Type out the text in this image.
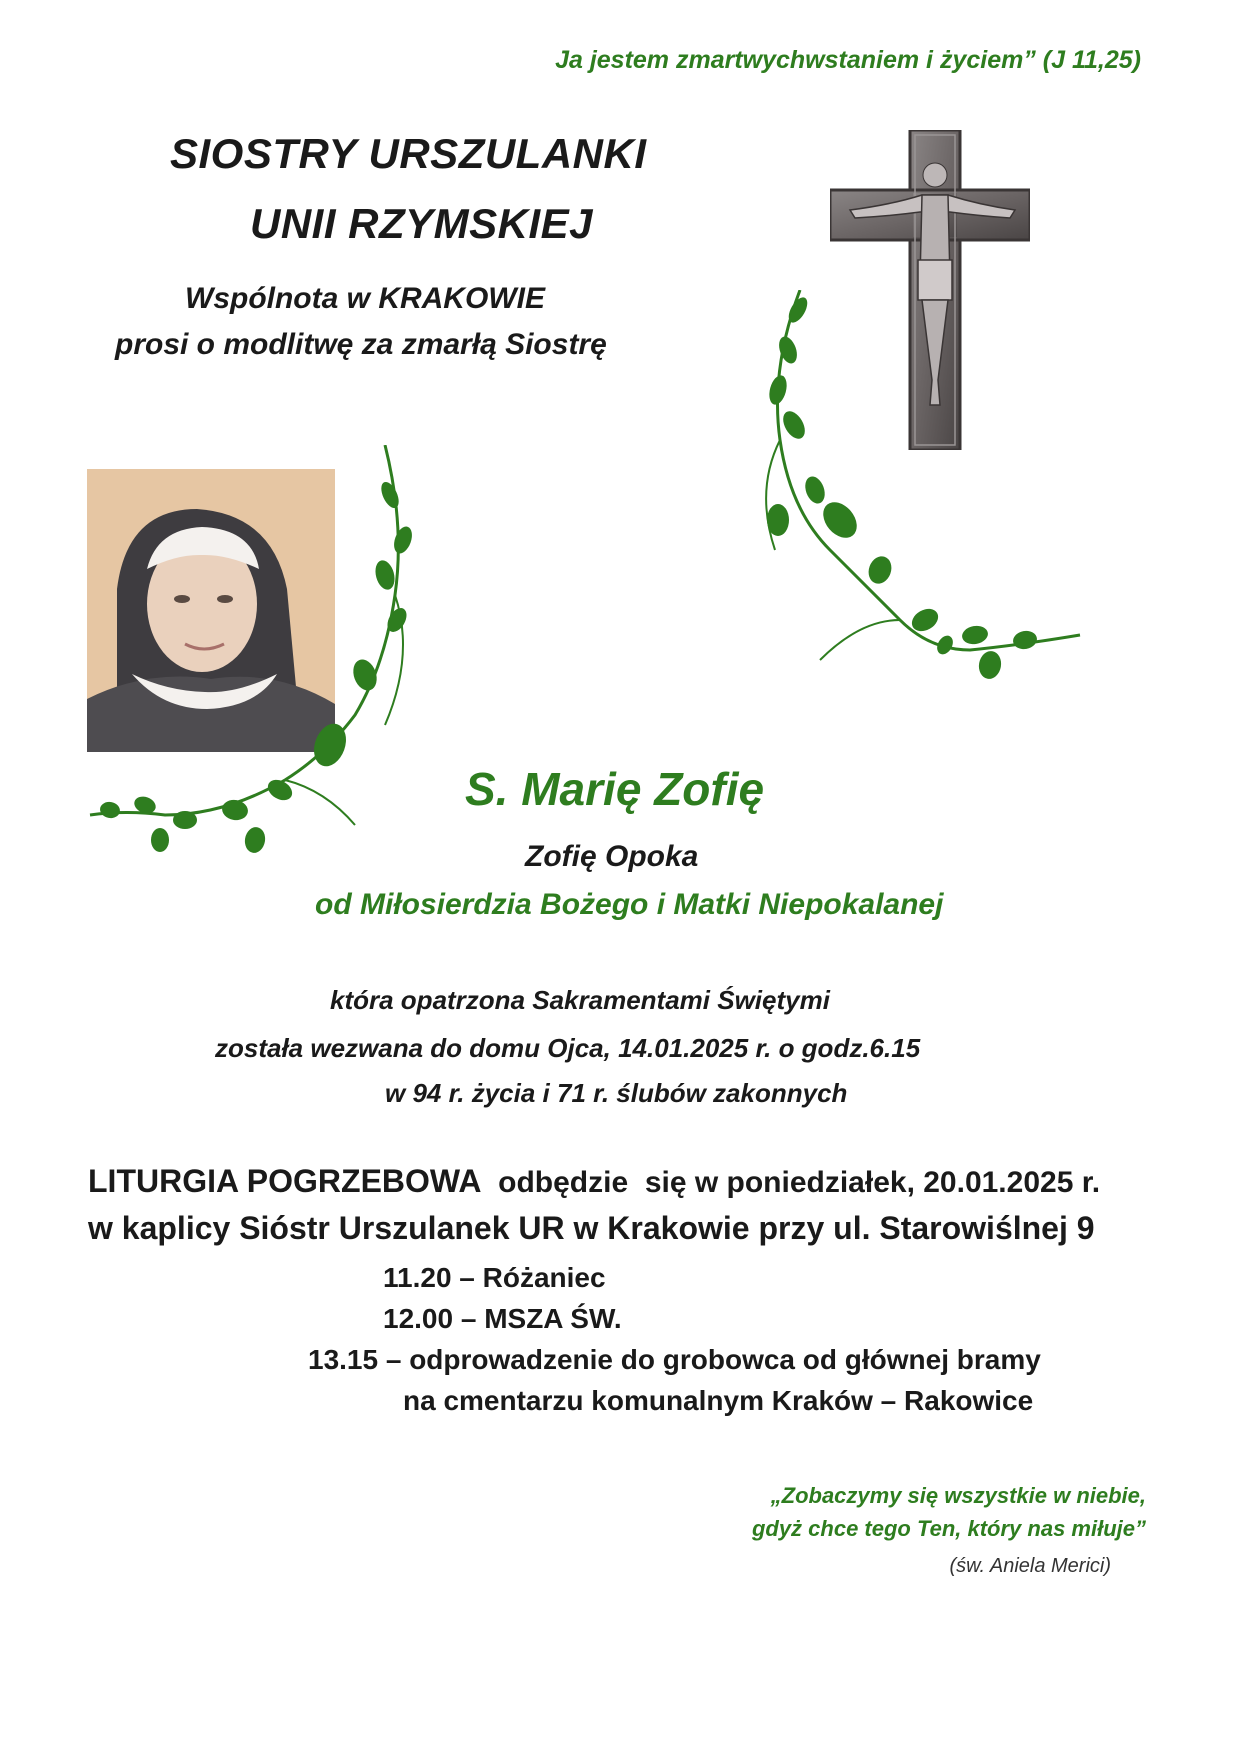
Ja jestem zmartwychwstaniem i życiem” (J 11,25)
SIOSTRY URSZULANKI
UNII RZYMSKIEJ
Wspólnota w KRAKOWIE
prosi o modlitwę za zmarłą Siostrę
S. Marię Zofię
Zofię Opoka
od Miłosierdzia Bożego i Matki Niepokalanej
która opatrzona Sakramentami Świętymi
została wezwana do domu Ojca, 14.01.2025 r. o godz.6.15
w 94 r. życia i 71 r. ślubów zakonnych
LITURGIA POGRZEBOWA  odbędzie  się w poniedziałek, 20.01.2025 r.
w kaplicy Sióstr Urszulanek UR w Krakowie przy ul. Starowiślnej 9
11.20 – Różaniec
12.00 – MSZA ŚW.
13.15 – odprowadzenie do grobowca od głównej bramy
na cmentarzu komunalnym Kraków – Rakowice
„Zobaczymy się wszystkie w niebie,
gdyż chce tego Ten, który nas miłuje”
(św. Aniela Merici)
